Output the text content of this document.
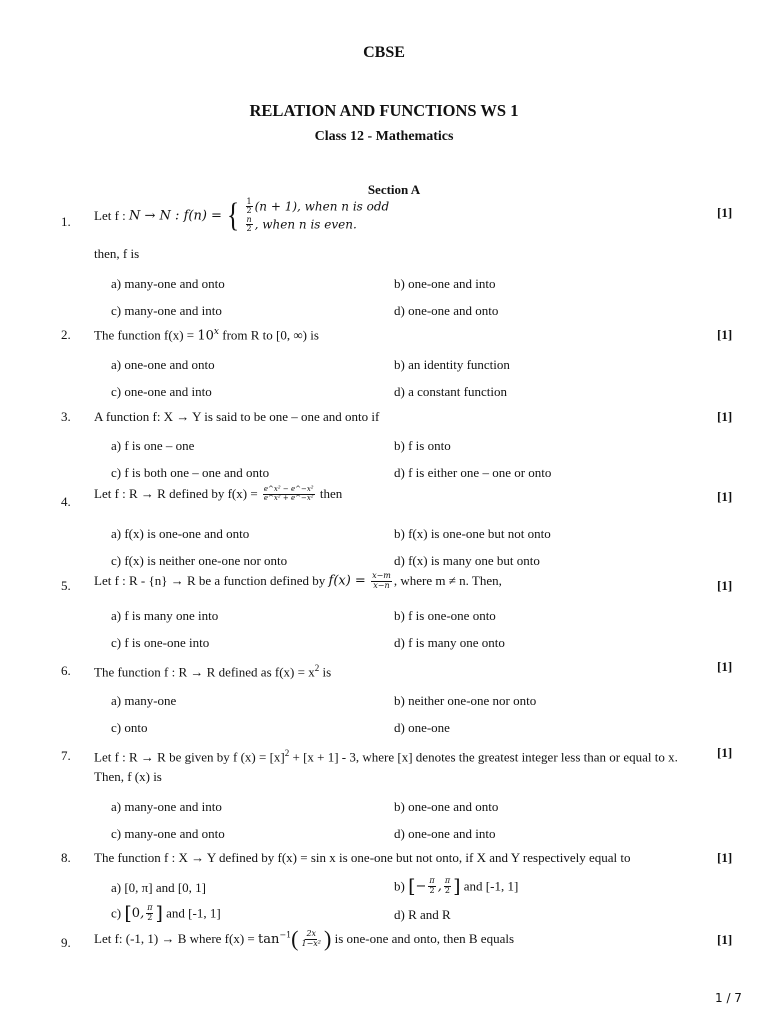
CBSE
RELATION AND FUNCTIONS WS 1
Class 12 - Mathematics
Section A
1. Let f : N → N : f(n) = { $\frac{1}{2} (n + 1)$, when n is odd
$\frac{n}{2}$ , when n is even.
[1]
then, f is
a) many-one and onto	b) one-one and into
c) many-one and into	d) one-one and onto
2. The function $f(x) = 10^x$ from R to [0, ∞) is	[1]
a) one-one and onto	b) an identity function
c) one-one and into	d) a constant function
3. A function f: X → Y is said to be one – one and onto if	[1]
a) f is one – one	b) f is onto
c) f is both one – one and onto	d) f is either one – one or onto
4.
Let f : R → R defined by $f(x) = \frac{\text{e\textasciicircum{}x² − e\textasciicircum{}−x²}}{\text{e\textasciicircum{}x² + e\textasciicircum{}−x²}}$ then	[1]
a) f(x) is one-one and onto	b) f(x) is one-one but not onto
c) f(x) is neither one-one nor onto	d) f(x) is many one but onto
5. Let f : R - {n} → R be a function defined by $f(x) = \frac{x-m}{x-n}$ , where m ≠ n. Then,	[1]
a) f is many one into	b) f is one-one onto
c) f is one-one into	d) f is many one onto
6. The function f : R → R defined as $f(x) = x^2$ is	[1]
a) many-one	b) neither one-one nor onto
c) onto	d) one-one
7. Let f : R → R be given by f $(x) = [x]^2 + [x + 1] - 3$, where [x] denotes the greatest integer less than or equal to x.	[1]
Then, f (x) is
a) many-one and into	b) one-one and onto
c) many-one and onto	d) one-one and into
8. The function f : X → Y defined by f(x) = sin x is one-one but not onto, if X and Y respectively equal to	[1]
a) [0, π] and [0, 1]	b) [− $\frac{\pi}{2}$ , $\frac{\pi}{2}$ ] and [-1, 1]
c) [0, $\frac{\pi}{2}$ ] and [-1, 1]	d) R and R
9. Let f: (-1, 1) → B where $f(x) = \tan^{-1}( \frac{2x}{\text{1−x²}}$ ) is one-one and onto, then B equals	[1]
1 / 7
